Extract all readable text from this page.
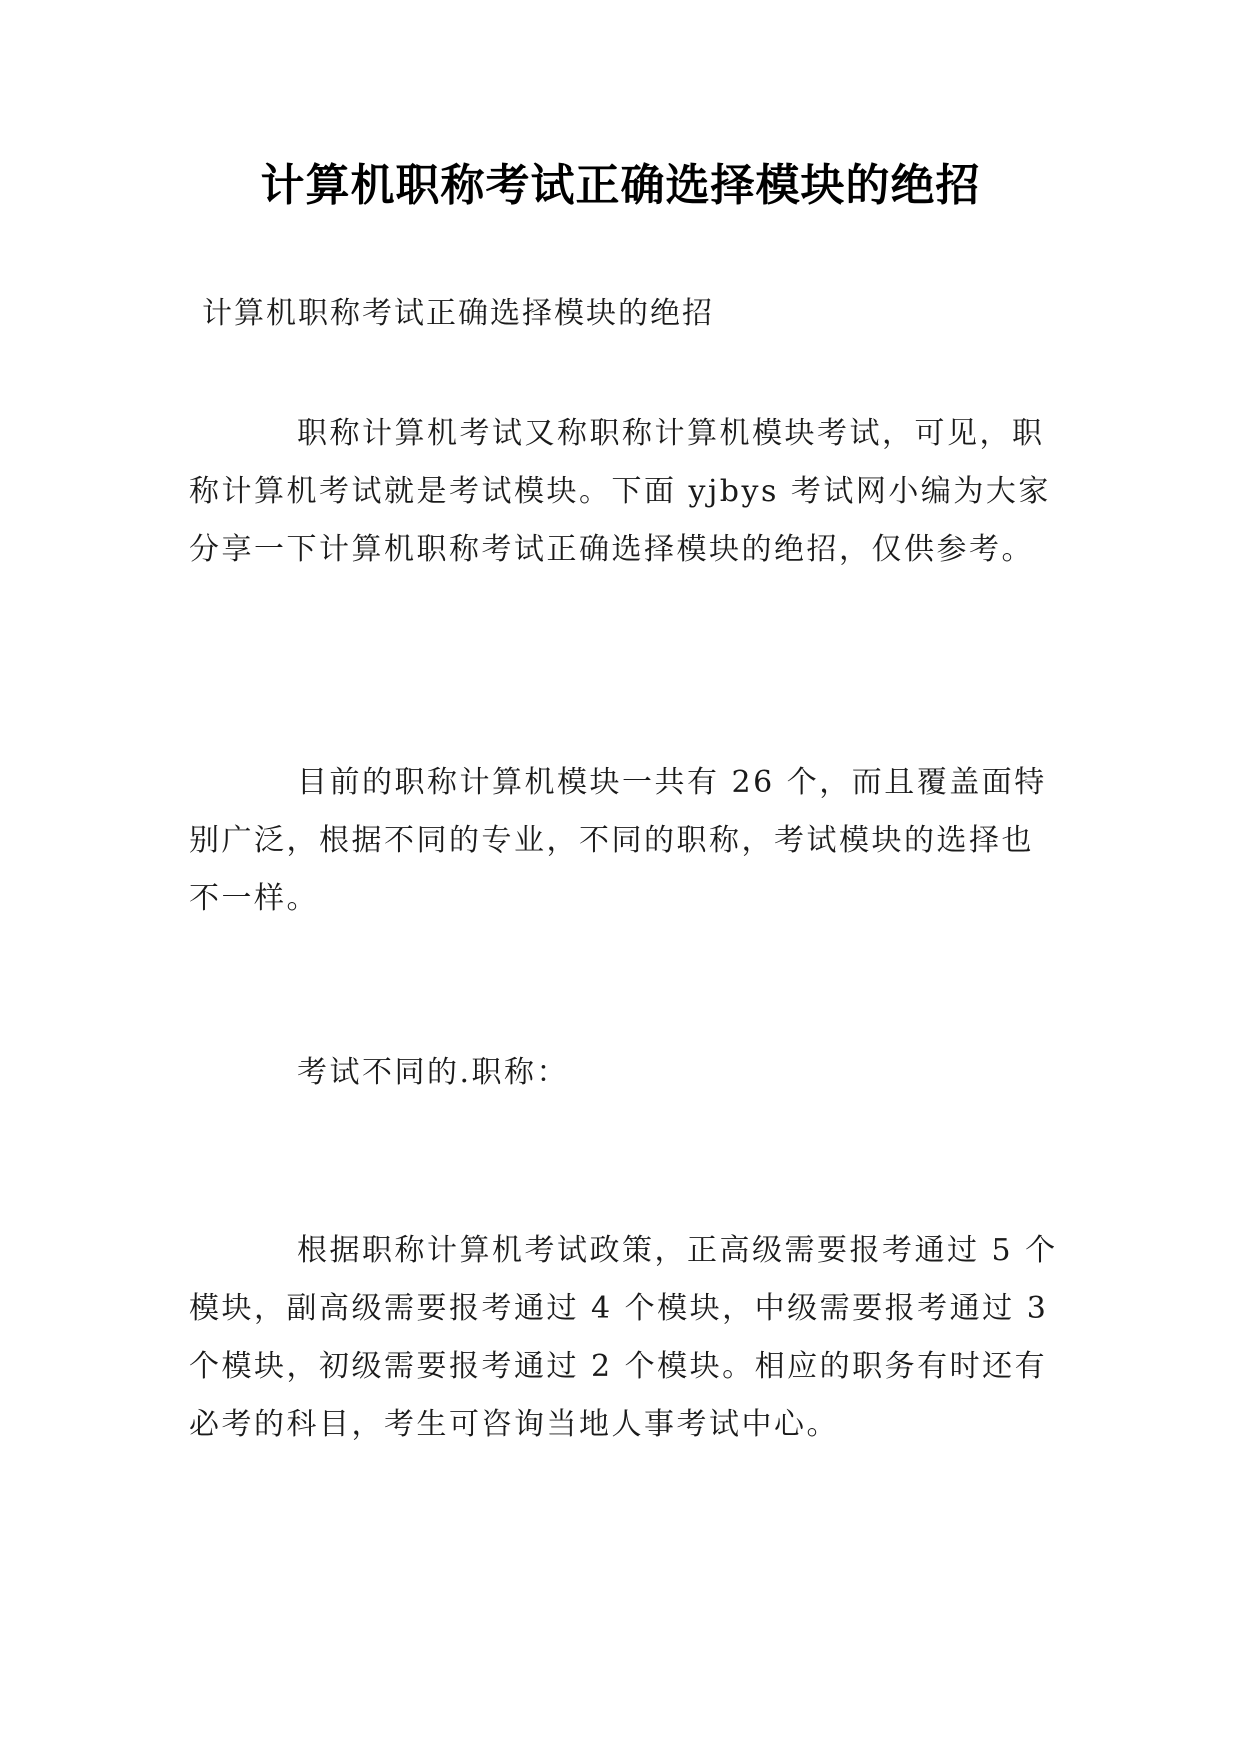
计算机职称考试正确选择模块的绝招

计算机职称考试正确选择模块的绝招

职称计算机考试又称职称计算机模块考试，可见，职
称计算机考试就是考试模块。下面 yjbys 考试网小编为大家
分享一下计算机职称考试正确选择模块的绝招，仅供参考。

目前的职称计算机模块一共有 26 个，而且覆盖面特
别广泛，根据不同的专业，不同的职称，考试模块的选择也
不一样。

考试不同的.职称：

根据职称计算机考试政策，正高级需要报考通过 5 个
模块，副高级需要报考通过 4 个模块，中级需要报考通过 3
个模块，初级需要报考通过 2 个模块。相应的职务有时还有
必考的科目，考生可咨询当地人事考试中心。
